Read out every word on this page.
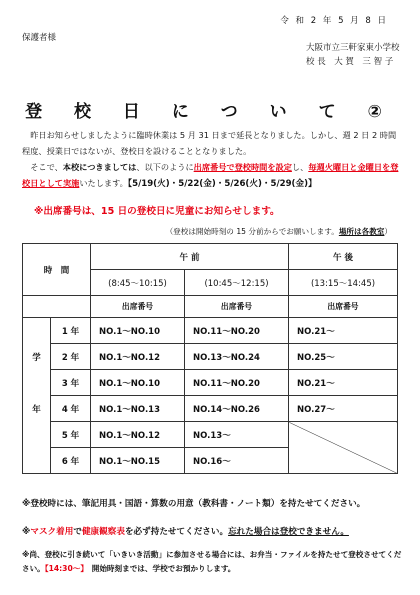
令 和 2 年 5 月 8 日
保護者様
大阪市立三軒家東小学校
校 長　大 賀　三 智 子
登 校 日 に つ い て ②
　昨日お知らせしましたように臨時休業は 5 月 31 日まで延長となりました。しかし、週 2 日 2 時間程度、授業日ではないが、登校日を設けることとなりました。
　そこで、本校につきましては、以下のように出席番号で登校時間を設定し、毎週火曜日と金曜日を登校日として実施いたします。【5/19(火)・5/22(金)・5/26(火)・5/29(金)】
※出席番号は、15 日の登校日に児童にお知らせします。
（登校は開始時刻の 15 分前からでお願いします。場所は各教室）
時　間		午 前		午 後
		(8:45～10:15)	(10:45～12:15)	(13:15～14:45)
		出席番号	出席番号	出席番号
	1 年	NO.1～NO.10	NO.11～NO.20	NO.21～
学	2 年	NO.1～NO.12	NO.13～NO.24	NO.25～
	3 年	NO.1～NO.10	NO.11～NO.20	NO.21～
年	4 年	NO.1～NO.13	NO.14～NO.26	NO.27～
	5 年	NO.1～NO.12	NO.13～	
	6 年	NO.1～NO.15	NO.16～	
※登校時には、筆記用具・国語・算数の用意（教科書・ノート類）を持たせてください。
※マスク着用で健康観察表を必ず持たせてください。忘れた場合は登校できません。
※尚、登校に引き続いて「いきいき活動」に参加させる場合には、お弁当・ファイルを持たせて登校させてください。【14:30～】　開始時刻までは、学校でお預かりします。
